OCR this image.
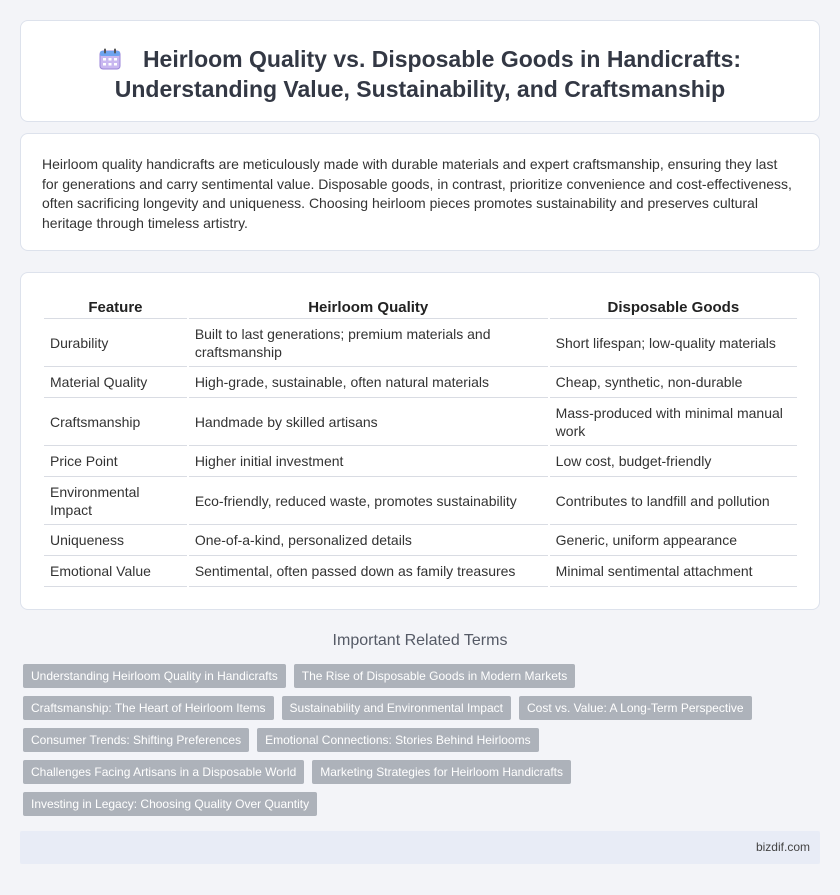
Heirloom Quality vs. Disposable Goods in Handicrafts:
Understanding Value, Sustainability, and Craftsmanship

Heirloom quality handicrafts are meticulously made with durable materials and expert craftsmanship, ensuring they last for generations and carry sentimental value. Disposable goods, in contrast, prioritize convenience and cost-effectiveness, often sacrificing longevity and uniqueness. Choosing heirloom pieces promotes sustainability and preserves cultural heritage through timeless artistry.

Feature	Heirloom Quality	Disposable Goods
Durability	Built to last generations; premium materials and craftsmanship	Short lifespan; low-quality materials
Material Quality	High-grade, sustainable, often natural materials	Cheap, synthetic, non-durable
Craftsmanship	Handmade by skilled artisans	Mass-produced with minimal manual work
Price Point	Higher initial investment	Low cost, budget-friendly
Environmental Impact	Eco-friendly, reduced waste, promotes sustainability	Contributes to landfill and pollution
Uniqueness	One-of-a-kind, personalized details	Generic, uniform appearance
Emotional Value	Sentimental, often passed down as family treasures	Minimal sentimental attachment
Important Related Terms
Understanding Heirloom Quality in Handicrafts	The Rise of Disposable Goods in Modern Markets
Craftsmanship: The Heart of Heirloom Items	Sustainability and Environmental Impact	Cost vs. Value: A Long-Term Perspective
Consumer Trends: Shifting Preferences	Emotional Connections: Stories Behind Heirlooms
Challenges Facing Artisans in a Disposable World	Marketing Strategies for Heirloom Handicrafts
Investing in Legacy: Choosing Quality Over Quantity
bizdif.com
